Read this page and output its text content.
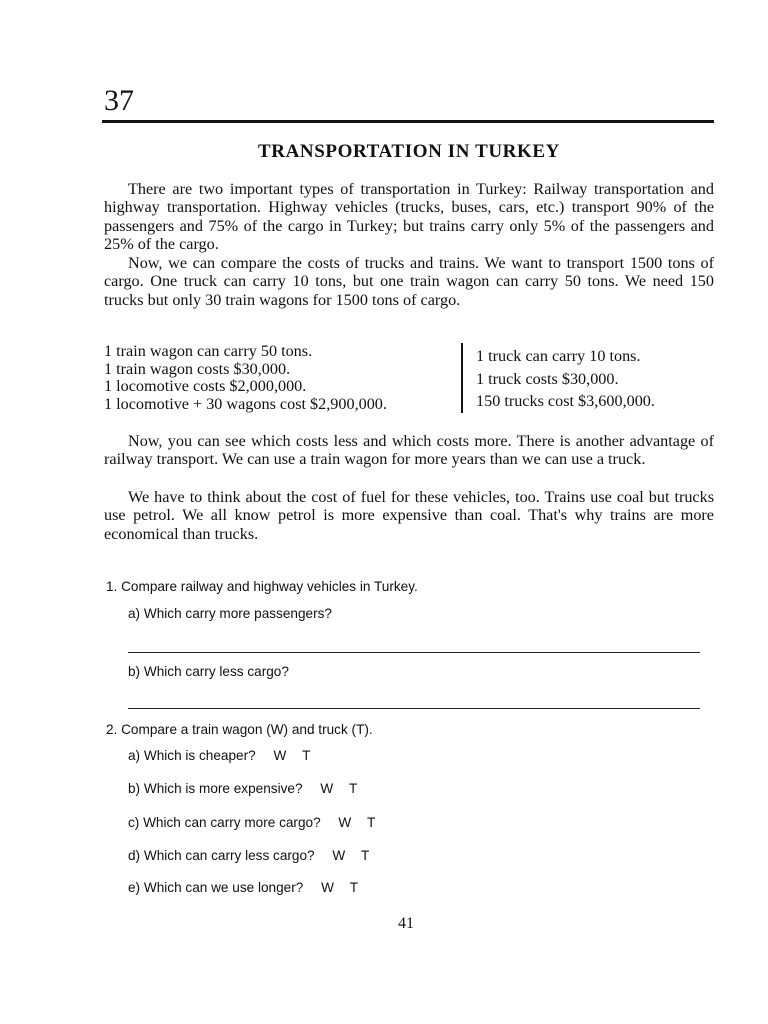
37
TRANSPORTATION IN TURKEY

There are two important types of transportation in Turkey: Railway transportation and highway transportation. Highway vehicles (trucks, buses, cars, etc.) transport 90% of the passengers and 75% of the cargo in Turkey; but trains carry only 5% of the passengers and 25% of the cargo.

Now, we can compare the costs of trucks and trains. We want to transport 1500 tons of cargo. One truck can carry 10 tons, but one train wagon can carry 50 tons. We need 150 trucks but only 30 train wagons for 1500 tons of cargo.

1 train wagon can carry 50 tons.
1 train wagon costs $30,000.
1 locomotive costs $2,000,000.
1 locomotive + 30 wagons cost $2,900,000.
1 truck can carry 10 tons.
1 truck costs $30,000.
150 trucks cost $3,600,000.

Now, you can see which costs less and which costs more. There is another advantage of railway transport. We can use a train wagon for more years than we can use a truck.

We have to think about the cost of fuel for these vehicles, too. Trains use coal but trucks use petrol. We all know petrol is more expensive than coal. That's why trains are more economical than trucks.

1. Compare railway and highway vehicles in Turkey.
a) Which carry more passengers?
b) Which carry less cargo?
2. Compare a train wagon (W) and truck (T).
a) Which is cheaper? W T
b) Which is more expensive? W T
c) Which can carry more cargo? W T
d) Which can carry less cargo? W T
e) Which can we use longer? W T
41
